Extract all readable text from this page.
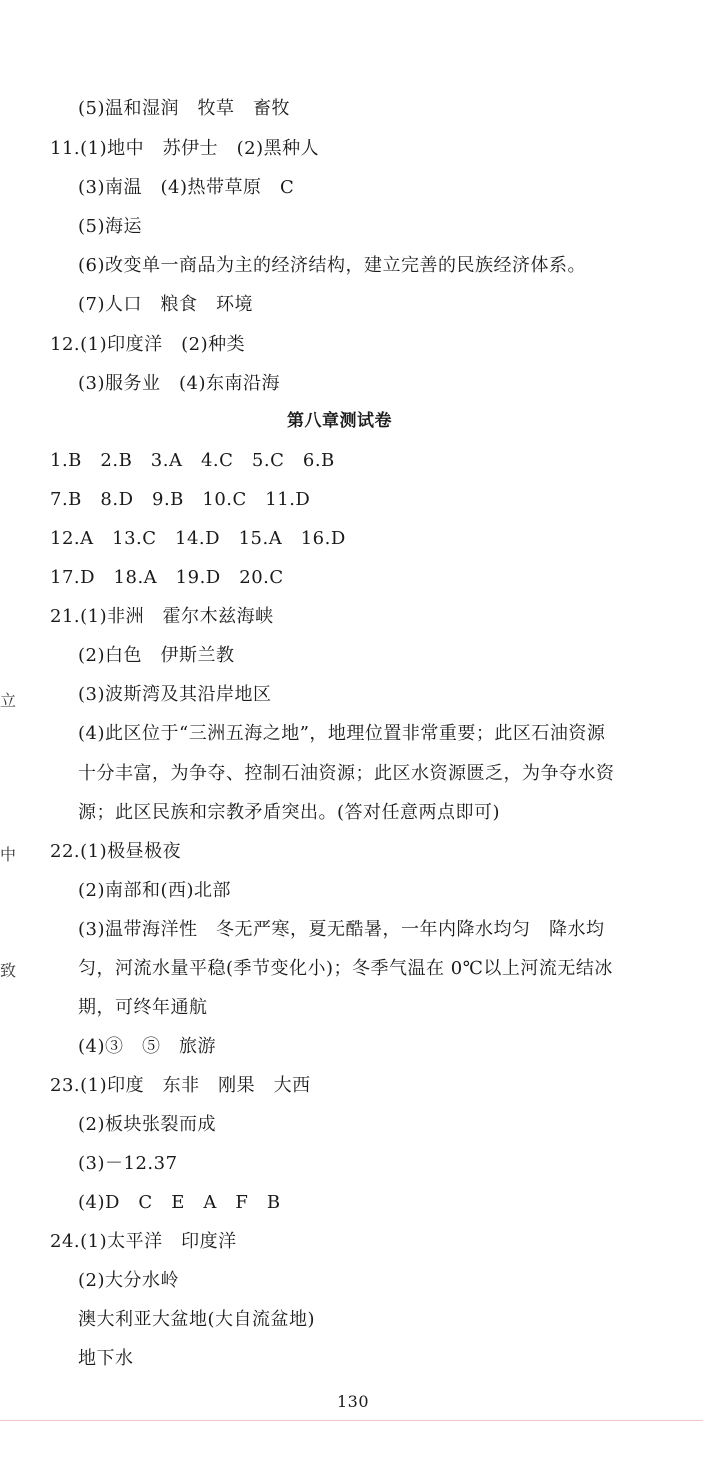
(5)温和湿润　牧草　畜牧
11.(1)地中　苏伊士　(2)黑种人
(3)南温　(4)热带草原　C
(5)海运
(6)改变单一商品为主的经济结构，建立完善的民族经济体系。
(7)人口　粮食　环境
12.(1)印度洋　(2)种类
(3)服务业　(4)东南沿海
第八章测试卷
1.B　2.B　3.A　4.C　5.C　6.B
7.B　8.D　9.B　10.C　11.D
12.A　13.C　14.D　15.A　16.D
17.D　18.A　19.D　20.C
21.(1)非洲　霍尔木兹海峡
(2)白色　伊斯兰教
(3)波斯湾及其沿岸地区
(4)此区位于“三洲五海之地”，地理位置非常重要；此区石油资源
十分丰富，为争夺、控制石油资源；此区水资源匮乏，为争夺水资
源；此区民族和宗教矛盾突出。(答对任意两点即可)
22.(1)极昼极夜
(2)南部和(西)北部
(3)温带海洋性　冬无严寒，夏无酷暑，一年内降水均匀　降水均
匀，河流水量平稳(季节变化小)；冬季气温在 0℃以上河流无结冰
期，可终年通航
(4)③　⑤　旅游
23.(1)印度　东非　刚果　大西
(2)板块张裂而成
(3)－12.37
(4)D　C　E　A　F　B
24.(1)太平洋　印度洋
(2)大分水岭
澳大利亚大盆地(大自流盆地)
地下水
130
立
中
致
